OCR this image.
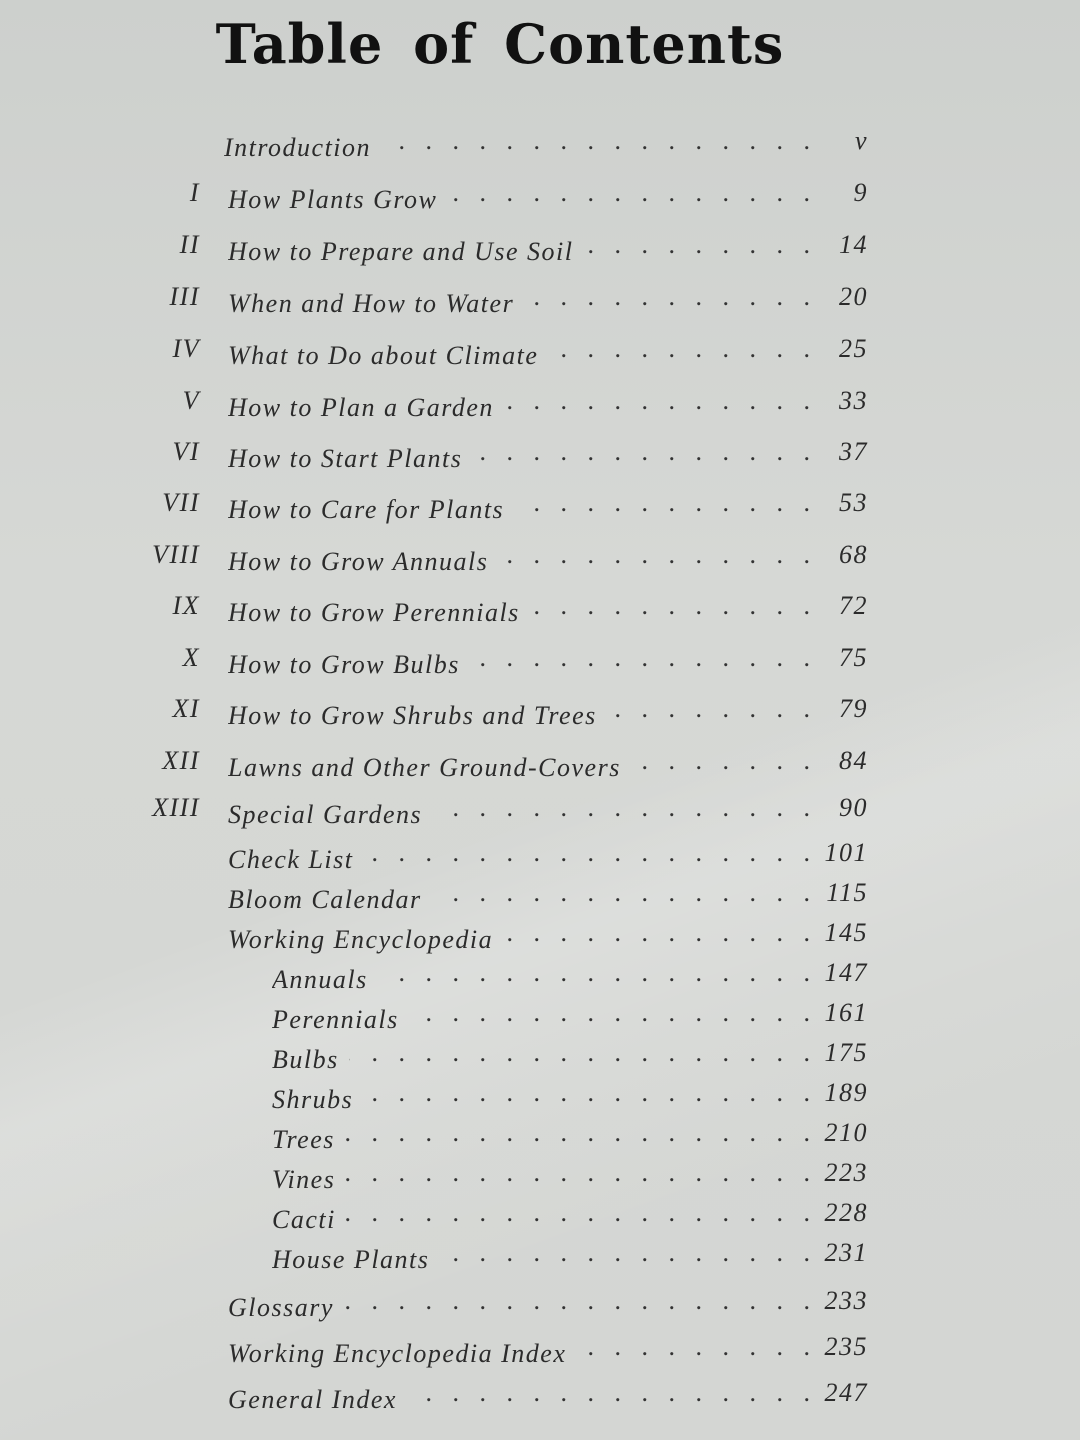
Table of Contents
Introduction . . .	v
I How Plants Grow . . .	9
II How to Prepare and Use Soil . . .	14
III When and How to Water . . .	20
IV What to Do about Climate . . .	25
V How to Plan a Garden . . .	33
VI How to Start Plants . . .	37
VII How to Care for Plants . . .	53
VIII How to Grow Annuals . . .	68
IX How to Grow Perennials . . .	72
X How to Grow Bulbs . . .	75
XI How to Grow Shrubs and Trees . . .	79
XII Lawns and Other Ground-Covers . . .	84
XIII Special Gardens . . .	90
Check List . . .	101
Bloom Calendar . . .	115
Working Encyclopedia . . .	145
Annuals . . .	147
Perennials . . .	161
Bulbs . . .	175
Shrubs . . .	189
Trees . . .	210
Vines . . .	223
Cacti . . .	228
House Plants . . .	231
Glossary . . .	233
Working Encyclopedia Index . . .	235
General Index . . .	247
